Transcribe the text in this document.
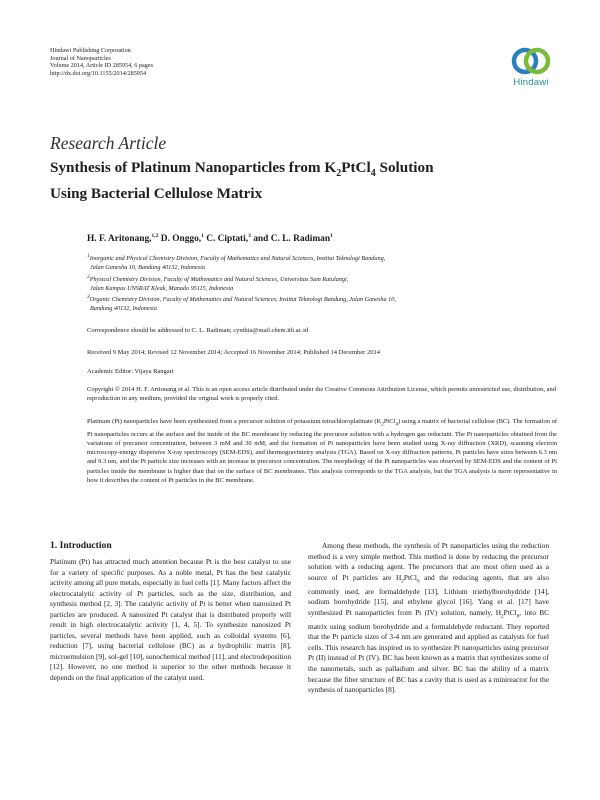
Hindawi Publishing Corporation
Journal of Nanoparticles
Volume 2014, Article ID 285954, 6 pages
http://dx.doi.org/10.1155/2014/285954
Hindawi
Research Article
Synthesis of Platinum Nanoparticles from $K_2PtCl_4$ Solution
Using Bacterial Cellulose Matrix
H. F. Aritonang,$^{1,2}$ D. Onggo,$^1$ C. Ciptati,$^3$ and C. L. Radiman$^1$
$^1$Inorganic and Physical Chemistry Division, Faculty of Mathematics and Natural Sciences, Institut Teknologi Bandung,
Jalan Ganesha 10, Bandung 40132, Indonesia
$^2$Physical Chemistry Division, Faculty of Mathematics and Natural Sciences, Universitas Sam Ratulangi,
Jalan Kampus UNSRAT Kleak, Manado 95115, Indonesia
$^3$Organic Chemistry Division, Faculty of Mathematics and Natural Sciences, Institut Teknologi Bandung, Jalan Ganesha 10,
Bandung 40132, Indonesia
Correspondence should be addressed to C. L. Radiman; cynthia@mail.chem.itb.ac.id
Received 9 May 2014; Revised 12 November 2014; Accepted 16 November 2014; Published 14 December 2014
Academic Editor: Vijaya Rangari
Copyright © 2014 H. F. Aritonang et al. This is an open access article distributed under the Creative Commons Attribution License, which permits unrestricted use, distribution, and reproduction in any medium, provided the original work is properly cited.
Platinum (Pt) nanoparticles have been synthesized from a precursor solution of potassium tetrachloroplatinate $(K_2PtCl_4)$ using a matrix of bacterial cellulose (BC). The formation of Pt nanoparticles occurs at the surface and the inside of the BC membrane by reducing the precursor solution with a hydrogen gas reductant. The Pt nanoparticles obtained from the variations of precursor concentration, between 3 mM and 30 mM, and the formation of Pt nanoparticles have been studied using X-ray diffraction (XRD), scanning electron microscopy-energy dispersive X-ray spectroscopy (SEM-EDS), and thermogravimetry analysis (TGA). Based on X-ray diffraction patterns, Pt particles have sizes between 6.3 nm and 9.3 nm, and the Pt particle size increases with an increase in precursor concentration. The morphology of the Pt nanoparticles was observed by SEM-EDS and the content of Pt particles inside the membrane is higher than that on the surface of BC membranes. This analysis corresponds to the TGA analysis, but the TGA analysis is more representative in how it describes the content of Pt particles in the BC membrane.
1. Introduction

Platinum (Pt) has attracted much attention because Pt is the best catalyst to use for a variety of specific purposes. As a noble metal, Pt has the best catalytic activity among all pure metals, especially in fuel cells [1]. Many factors affect the electrocatalytic activity of Pt particles, such as the size, distribution, and synthesis method [2, 3]. The catalytic activity of Pt is better when nanosized Pt particles are produced. A nanosized Pt catalyst that is distributed properly will result in high electrocatalytic activity [1, 4, 5]. To synthesize nanosized Pt particles, several methods have been applied, such as colloidal systems [6], reduction [7], using bacterial cellulose (BC) as a hydrophilic matrix [8], microemulsion [9], sol-gel [10], sonochemical method [11], and electrodeposition [12]. However, no one method is superior to the other methods because it depends on the final application of the catalyst used.

Among these methods, the synthesis of Pt nanoparticles using the reduction method is a very simple method. This method is done by reducing the precursor solution with a reducing agent. The precursors that are most often used as a source of Pt particles are $H_2PtCl_6$ and the reducing agents, that are also commonly used, are formaldehyde [13], Lithium triethylborohydride [14], sodium borohydride [15], and ethylene glycol [16]. Yang et al. [17] have synthesized Pt nanoparticles from Pt (IV) solution, namely, $H_2PtCl_6$, into BC matrix using sodium borohydride and a formaldehyde reductant. They reported that the Pt particle sizes of 3-4 nm are generated and applied as catalysts for fuel cells. This research has inspired us to synthesize Pt nanoparticles using precursor Pt (II) instead of Pt (IV). BC has been known as a matrix that synthesizes some of the nanometals, such as palladium and silver. BC has the ability of a matrix because the fiber structure of BC has a cavity that is used as a minireactor for the synthesis of nanoparticles [8].
